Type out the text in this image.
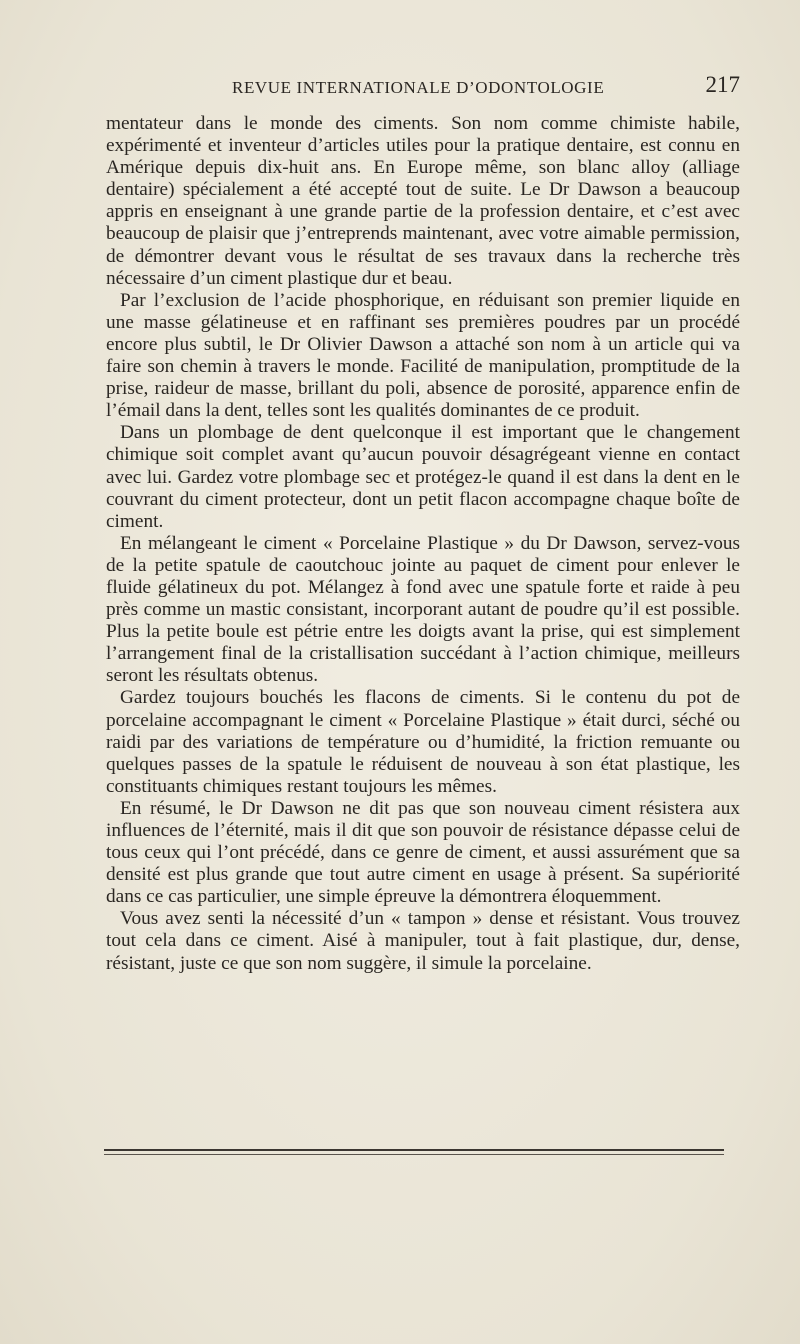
REVUE INTERNATIONALE D’ODONTOLOGIE	217

mentateur dans le monde des ciments. Son nom comme chimiste habile, expérimenté et inventeur d’articles utiles pour la pratique dentaire, est connu en Amérique depuis dix-huit ans. En Europe même, son blanc alloy (alliage dentaire) spécialement a été accepté tout de suite. Le Dr Dawson a beaucoup appris en enseignant à une grande partie de la profession dentaire, et c’est avec beaucoup de plaisir que j’entreprends maintenant, avec votre aimable permission, de démontrer devant vous le résultat de ses travaux dans la recherche très nécessaire d’un ciment plastique dur et beau.

Par l’exclusion de l’acide phosphorique, en réduisant son premier liquide en une masse gélatineuse et en raffinant ses premières poudres par un procédé encore plus subtil, le Dr Olivier Dawson a attaché son nom à un article qui va faire son chemin à travers le monde. Facilité de manipulation, promptitude de la prise, raideur de masse, brillant du poli, absence de porosité, apparence enfin de l’émail dans la dent, telles sont les qualités dominantes de ce produit.

Dans un plombage de dent quelconque il est important que le changement chimique soit complet avant qu’aucun pouvoir désagrégeant vienne en contact avec lui. Gardez votre plombage sec et protégez-le quand il est dans la dent en le couvrant du ciment protecteur, dont un petit flacon accompagne chaque boîte de ciment.

En mélangeant le ciment « Porcelaine Plastique » du Dr Dawson, servez-vous de la petite spatule de caoutchouc jointe au paquet de ciment pour enlever le fluide gélatineux du pot. Mélangez à fond avec une spatule forte et raide à peu près comme un mastic consistant, incorporant autant de poudre qu’il est possible. Plus la petite boule est pétrie entre les doigts avant la prise, qui est simplement l’arrangement final de la cristallisation succédant à l’action chimique, meilleurs seront les résultats obtenus.

Gardez toujours bouchés les flacons de ciments. Si le contenu du pot de porcelaine accompagnant le ciment « Porcelaine Plastique » était durci, séché ou raidi par des variations de température ou d’humidité, la friction remuante ou quelques passes de la spatule le réduisent de nouveau à son état plastique, les constituants chimiques restant toujours les mêmes.

En résumé, le Dr Dawson ne dit pas que son nouveau ciment résistera aux influences de l’éternité, mais il dit que son pouvoir de résistance dépasse celui de tous ceux qui l’ont précédé, dans ce genre de ciment, et aussi assurément que sa densité est plus grande que tout autre ciment en usage à présent. Sa supériorité dans ce cas particulier, une simple épreuve la démontrera éloquemment.

Vous avez senti la nécessité d’un « tampon » dense et résistant. Vous trouvez tout cela dans ce ciment. Aisé à manipuler, tout à fait plastique, dur, dense, résistant, juste ce que son nom suggère, il simule la porcelaine.
